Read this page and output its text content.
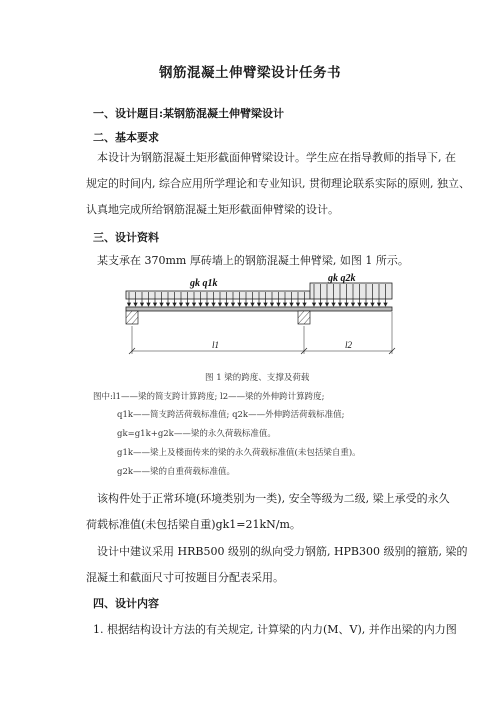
钢筋混凝土伸臂梁设计任务书
一、设计题目:某钢筋混凝土伸臂梁设计
二、基本要求
本设计为钢筋混凝土矩形截面伸臂梁设计。学生应在指导教师的指导下, 在
规定的时间内, 综合应用所学理论和专业知识, 贯彻理论联系实际的原则, 独立、
认真地完成所给钢筋混凝土矩形截面伸臂梁的设计。
三、设计资料
某支承在 370mm 厚砖墙上的钢筋混凝土伸臂梁, 如图 1 所示。
gk q1k	gk q2k
l1	l2
图 1 梁的跨度、支撑及荷载
图中:l1——梁的简支跨计算跨度; l2——梁的外伸跨计算跨度;
q1k——简支跨活荷载标准值; q2k——外伸跨活荷载标准值;
gk=g1k+g2k——梁的永久荷载标准值。
g1k——梁上及楼面传来的梁的永久荷载标准值(未包括梁自重)。
g2k——梁的自重荷载标准值。
该构件处于正常环境(环境类别为一类), 安全等级为二级, 梁上承受的永久
荷载标准值(未包括梁自重)gk1=21kN/m。
设计中建议采用 HRB500 级别的纵向受力钢筋, HPB300 级别的箍筋, 梁的
混凝土和截面尺寸可按题目分配表采用。
四、设计内容
1. 根据结构设计方法的有关规定, 计算梁的内力(M、V), 并作出梁的内力图
